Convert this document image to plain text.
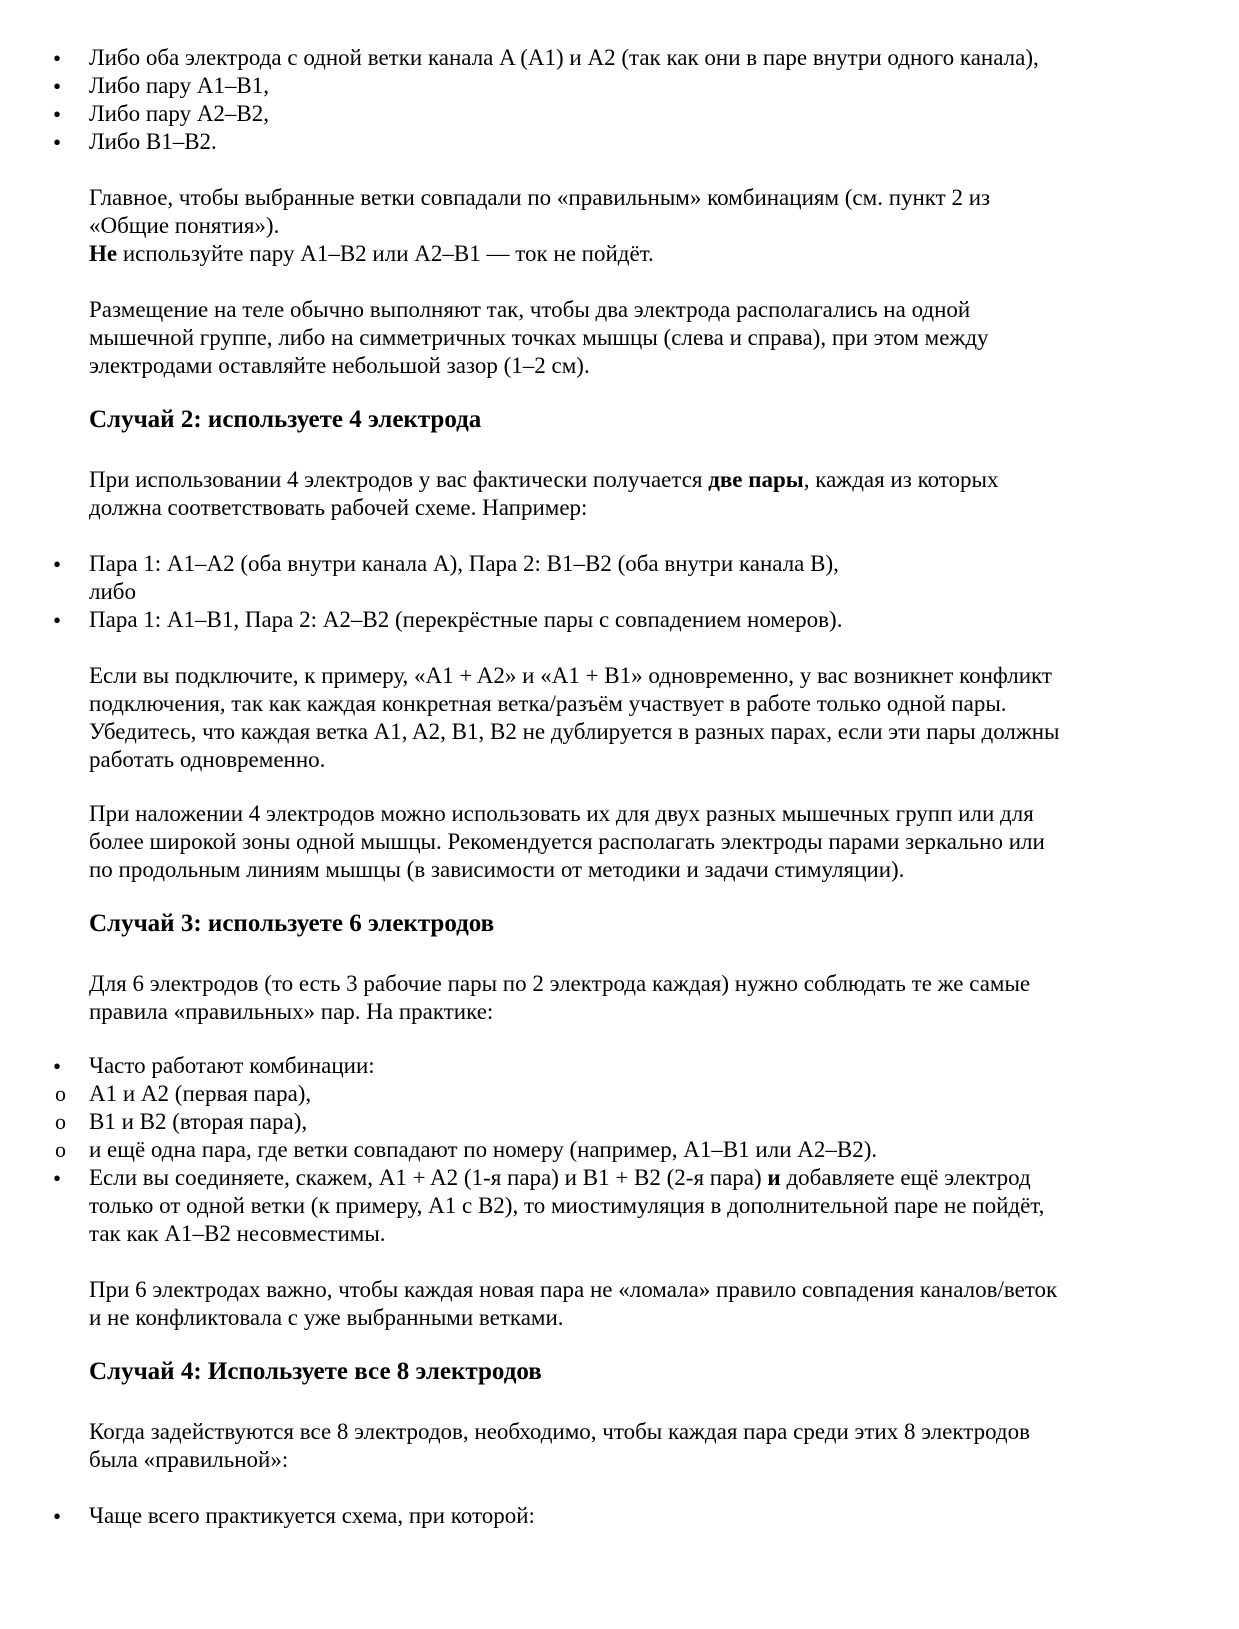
• Либо оба электрода с одной ветки канала A (A1) и A2 (так как они в паре внутри одного канала),
• Либо пару A1–B1,
• Либо пару A2–B2,
• Либо B1–B2.
Главное, чтобы выбранные ветки совпадали по «правильным» комбинациям (см. пункт 2 из
«Общие понятия»).
Не используйте пару A1–B2 или A2–B1 — ток не пойдёт.
Размещение на теле обычно выполняют так, чтобы два электрода располагались на одной
мышечной группе, либо на симметричных точках мышцы (слева и справа), при этом между
электродами оставляйте небольшой зазор (1–2 см).
Случай 2: используете 4 электрода
При использовании 4 электродов у вас фактически получается две пары, каждая из которых
должна соответствовать рабочей схеме. Например:
• Пара 1: A1–A2 (оба внутри канала A), Пара 2: B1–B2 (оба внутри канала B),
либо
• Пара 1: A1–B1, Пара 2: A2–B2 (перекрёстные пары с совпадением номеров).
Если вы подключите, к примеру, «A1 + A2» и «A1 + B1» одновременно, у вас возникнет конфликт
подключения, так как каждая конкретная ветка/разъём участвует в работе только одной пары.
Убедитесь, что каждая ветка A1, A2, B1, B2 не дублируется в разных парах, если эти пары должны
работать одновременно.
При наложении 4 электродов можно использовать их для двух разных мышечных групп или для
более широкой зоны одной мышцы. Рекомендуется располагать электроды парами зеркально или
по продольным линиям мышцы (в зависимости от методики и задачи стимуляции).
Случай 3: используете 6 электродов
Для 6 электродов (то есть 3 рабочие пары по 2 электрода каждая) нужно соблюдать те же самые
правила «правильных» пар. На практике:
• Часто работают комбинации:
o A1 и A2 (первая пара),
o B1 и B2 (вторая пара),
o и ещё одна пара, где ветки совпадают по номеру (например, A1–B1 или A2–B2).
• Если вы соединяете, скажем, A1 + A2 (1-я пара) и B1 + B2 (2-я пара) и добавляете ещё электрод
только от одной ветки (к примеру, A1 с B2), то миостимуляция в дополнительной паре не пойдёт,
так как A1–B2 несовместимы.
При 6 электродах важно, чтобы каждая новая пара не «ломала» правило совпадения каналов/веток
и не конфликтовала с уже выбранными ветками.
Случай 4: Используете все 8 электродов
Когда задействуются все 8 электродов, необходимо, чтобы каждая пара среди этих 8 электродов
была «правильной»:
• Чаще всего практикуется схема, при которой:
